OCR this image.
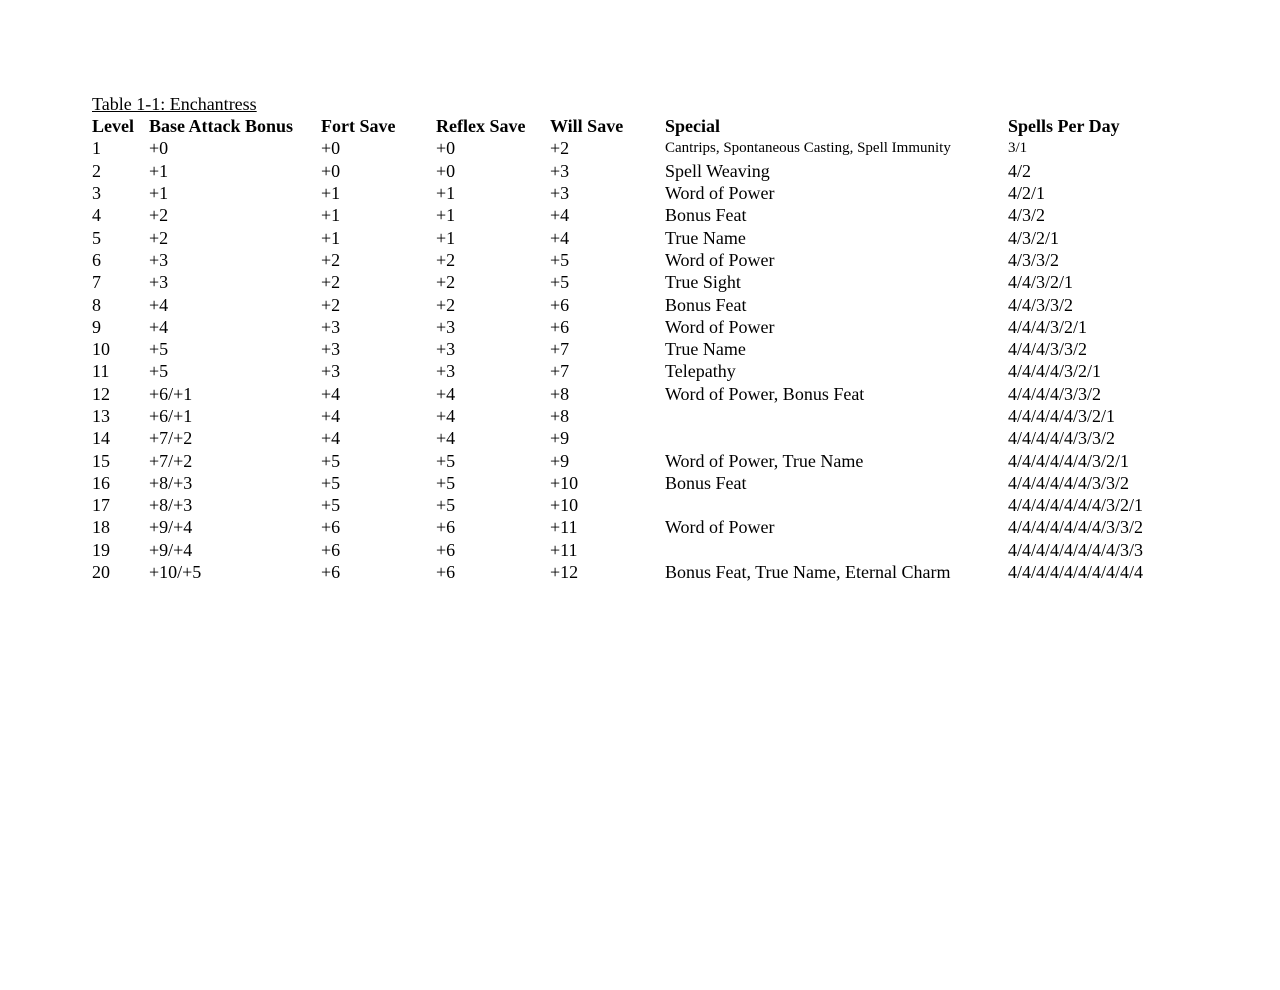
Table 1-1: Enchantress
Level	Base Attack Bonus	Fort Save	Reflex Save	Will Save	Special	Spells Per Day
1	+0	+0	+0	+2	Cantrips, Spontaneous Casting, Spell Immunity	3/1
2	+1	+0	+0	+3	Spell Weaving	4/2
3	+1	+1	+1	+3	Word of Power	4/2/1
4	+2	+1	+1	+4	Bonus Feat	4/3/2
5	+2	+1	+1	+4	True Name	4/3/2/1
6	+3	+2	+2	+5	Word of Power	4/3/3/2
7	+3	+2	+2	+5	True Sight	4/4/3/2/1
8	+4	+2	+2	+6	Bonus Feat	4/4/3/3/2
9	+4	+3	+3	+6	Word of Power	4/4/4/3/2/1
10	+5	+3	+3	+7	True Name	4/4/4/3/3/2
11	+5	+3	+3	+7	Telepathy	4/4/4/4/3/2/1
12	+6/+1	+4	+4	+8	Word of Power, Bonus Feat	4/4/4/4/3/3/2
13	+6/+1	+4	+4	+8		4/4/4/4/4/3/2/1
14	+7/+2	+4	+4	+9		4/4/4/4/4/3/3/2
15	+7/+2	+5	+5	+9	Word of Power, True Name	4/4/4/4/4/4/3/2/1
16	+8/+3	+5	+5	+10	Bonus Feat	4/4/4/4/4/4/3/3/2
17	+8/+3	+5	+5	+10		4/4/4/4/4/4/4/3/2/1
18	+9/+4	+6	+6	+11	Word of Power	4/4/4/4/4/4/4/3/3/2
19	+9/+4	+6	+6	+11		4/4/4/4/4/4/4/4/3/3
20	+10/+5	+6	+6	+12	Bonus Feat, True Name, Eternal Charm	4/4/4/4/4/4/4/4/4/4
